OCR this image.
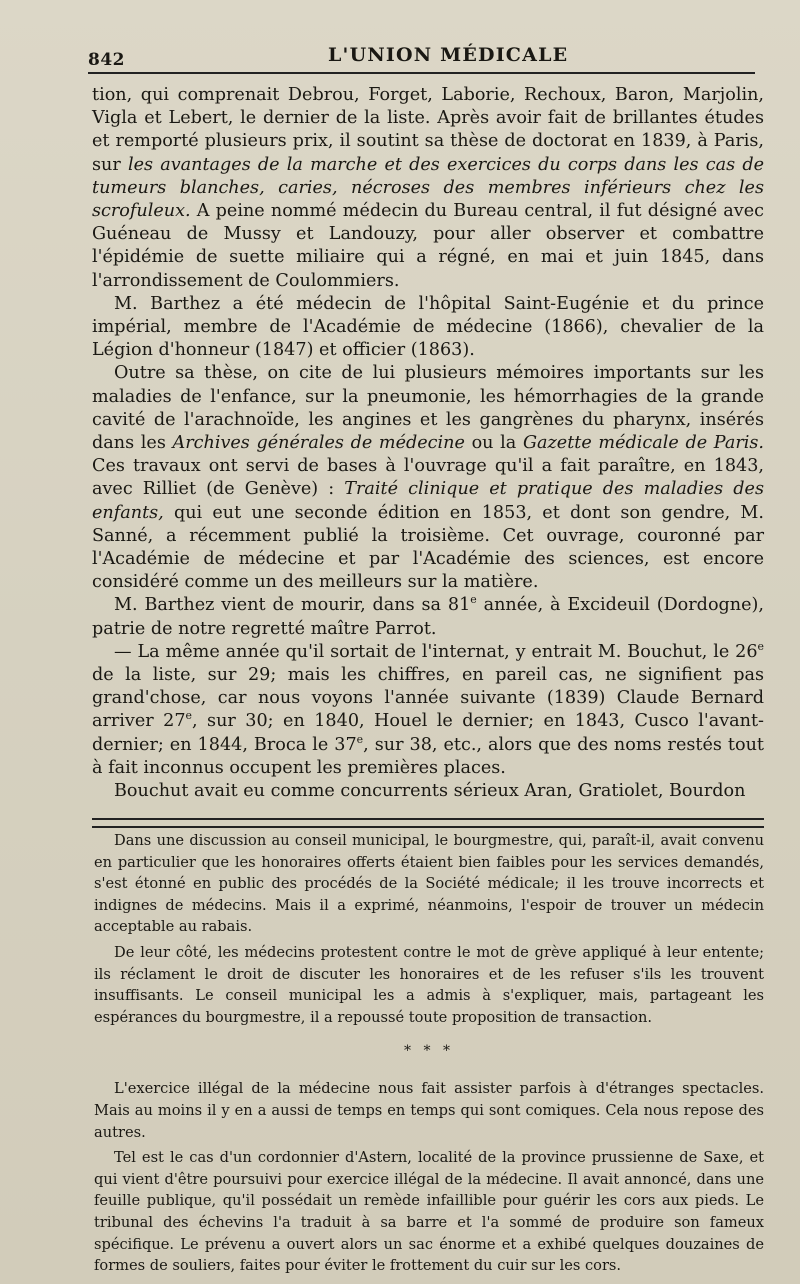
842	L'UNION MÉDICALE

tion, qui comprenait Debrou, Forget, Laborie, Rechoux, Baron, Marjolin, Vigla et Lebert, le dernier de la liste. Après avoir fait de brillantes études et remporté plusieurs prix, il soutint sa thèse de doctorat en 1839, à Paris, sur les avantages de la marche et des exercices du corps dans les cas de tumeurs blanches, caries, nécroses des membres inférieurs chez les scrofuleux. A peine nommé médecin du Bureau central, il fut désigné avec Guéneau de Mussy et Landouzy, pour aller observer et combattre l'épidémie de suette miliaire qui a régné, en mai et juin 1845, dans l'arrondissement de Coulommiers.

M. Barthez a été médecin de l'hôpital Saint-Eugénie et du prince impérial, membre de l'Académie de médecine (1866), chevalier de la Légion d'honneur (1847) et officier (1863).

Outre sa thèse, on cite de lui plusieurs mémoires importants sur les maladies de l'enfance, sur la pneumonie, les hémorrhagies de la grande cavité de l'arachnoïde, les angines et les gangrènes du pharynx, insérés dans les Archives générales de médecine ou la Gazette médicale de Paris. Ces travaux ont servi de bases à l'ouvrage qu'il a fait paraître, en 1843, avec Rilliet (de Genève) : Traité clinique et pratique des maladies des enfants, qui eut une seconde édition en 1853, et dont son gendre, M. Sanné, a récemment publié la troisième. Cet ouvrage, couronné par l'Académie de médecine et par l'Académie des sciences, est encore considéré comme un des meilleurs sur la matière.

M. Barthez vient de mourir, dans sa 81e année, à Excideuil (Dordogne), patrie de notre regretté maître Parrot.

— La même année qu'il sortait de l'internat, y entrait M. Bouchut, le 26e de la liste, sur 29; mais les chiffres, en pareil cas, ne signifient pas grand'chose, car nous voyons l'année suivante (1839) Claude Bernard arriver 27e, sur 30; en 1840, Houel le dernier; en 1843, Cusco l'avant-dernier; en 1844, Broca le 37e, sur 38, etc., alors que des noms restés tout à fait inconnus occupent les premières places.

Bouchut avait eu comme concurrents sérieux Aran, Gratiolet, Bourdon

Dans une discussion au conseil municipal, le bourgmestre, qui, paraît-il, avait convenu en particulier que les honoraires offerts étaient bien faibles pour les services demandés, s'est étonné en public des procédés de la Société médicale; il les trouve incorrects et indignes de médecins. Mais il a exprimé, néanmoins, l'espoir de trouver un médecin acceptable au rabais.

De leur côté, les médecins protestent contre le mot de grève appliqué à leur entente; ils réclament le droit de discuter les honoraires et de les refuser s'ils les trouvent insuffisants. Le conseil municipal les a admis à s'expliquer, mais, partageant les espérances du bourgmestre, il a repoussé toute proposition de transaction.

* * *

L'exercice illégal de la médecine nous fait assister parfois à d'étranges spectacles. Mais au moins il y en a aussi de temps en temps qui sont comiques. Cela nous repose des autres.

Tel est le cas d'un cordonnier d'Astern, localité de la province prussienne de Saxe, et qui vient d'être poursuivi pour exercice illégal de la médecine. Il avait annoncé, dans une feuille publique, qu'il possédait un remède infaillible pour guérir les cors aux pieds. Le tribunal des échevins l'a traduit à sa barre et l'a sommé de produire son fameux spécifique. Le prévenu a ouvert alors un sac énorme et a exhibé quelques douzaines de formes de souliers, faites pour éviter le frottement du cuir sur les cors.
